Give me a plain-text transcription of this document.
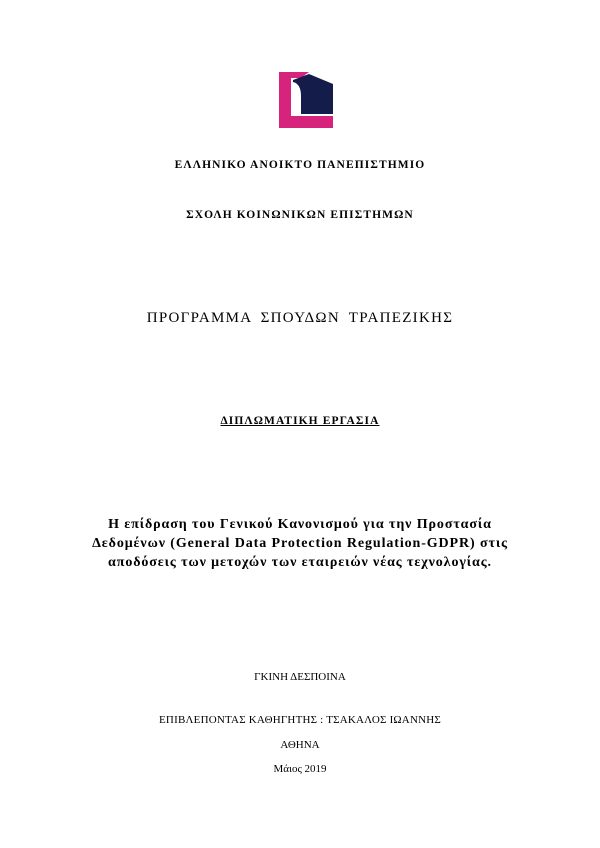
ΕΛΛΗΝΙΚΟ ΑΝΟΙΚΤΟ ΠΑΝΕΠΙΣΤΗΜΙΟ
ΣΧΟΛΗ ΚΟΙΝΩΝΙΚΩΝ ΕΠΙΣΤΗΜΩΝ
ΠΡΟΓΡΑΜΜΑ ΣΠΟΥΔΩΝ ΤΡΑΠΕΖΙΚΗΣ
ΔΙΠΛΩΜΑΤΙΚΗ ΕΡΓΑΣΙΑ
Η επίδραση του Γενικού Κανονισμού για την Προστασία
Δεδομένων (General Data Protection Regulation-GDPR) στις
αποδόσεις των μετοχών των εταιρειών νέας τεχνολογίας.
ΓΚΙΝΗ ΔΕΣΠΟΙΝΑ
ΕΠΙΒΛΕΠΟΝΤΑΣ ΚΑΘΗΓΗΤΗΣ : ΤΣΑΚΑΛΟΣ ΙΩΑΝΝΗΣ
ΑΘΗΝΑ
Μάιος 2019
